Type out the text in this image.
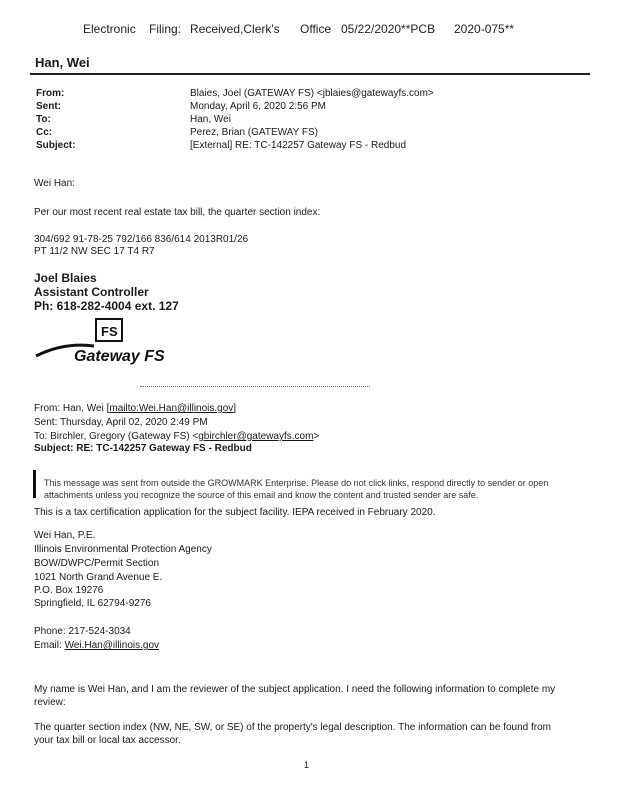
Electronic Filing: Received,Clerk's Office 05/22/2020**PCB 2020-075**
Han, Wei
From:	Blaies, Joel (GATEWAY FS) <jblaies@gatewayfs.com>
Sent:	Monday, April 6, 2020 2:56 PM
To:	Han, Wei
Cc:	Perez, Brian (GATEWAY FS)
Subject:	[External] RE: TC-142257 Gateway FS - Redbud
Wei Han:
Per our most recent real estate tax bill, the quarter section index:
304/692 91-78-25 792/166 836/614 2013R01/26
PT 11/2 NW SEC 17 T4 R7
Joel Blaies
Assistant Controller
Ph: 618-282-4004 ext. 127
FS
Gateway FS
From: Han, Wei [mailto:Wei.Han@illinois.gov]
Sent: Thursday, April 02, 2020 2:49 PM
To: Birchler, Gregory (Gateway FS) <gbirchler@gatewayfs.com>
Subject: RE: TC-142257 Gateway FS - Redbud
This message was sent from outside the GROWMARK Enterprise. Please do not click links, respond directly to sender or open
attachments unless you recognize the source of this email and know the content and trusted sender are safe.
This is a tax certification application for the subject facility. IEPA received in February 2020.
Wei Han, P.E.
Illinois Environmental Protection Agency
BOW/DWPC/Permit Section
1021 North Grand Avenue E.
P.O. Box 19276
Springfield, IL 62794-9276
Phone: 217-524-3034
Email: Wei.Han@illinois.gov
My name is Wei Han, and I am the reviewer of the subject application. I need the following information to complete my
review:
The quarter section index (NW, NE, SW, or SE) of the property's legal description. The information can be found from
your tax bill or local tax accessor.
1
